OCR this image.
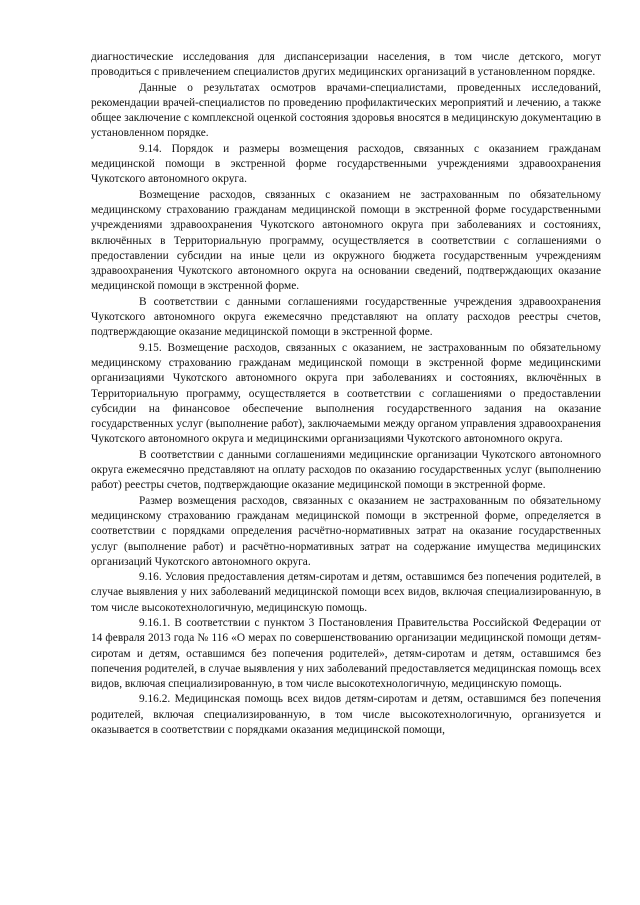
диагностические исследования для диспансеризации населения, в том числе детского, могут проводиться с привлечением специалистов других медицинских организаций в установленном порядке.

Данные о результатах осмотров врачами-специалистами, проведенных исследований, рекомендации врачей-специалистов по проведению профилактических мероприятий и лечению, а также общее заключение с комплексной оценкой состояния здоровья вносятся в медицинскую документацию в установленном порядке.

9.14. Порядок и размеры возмещения расходов, связанных с оказанием гражданам медицинской помощи в экстренной форме государственными учреждениями здравоохранения Чукотского автономного округа.

Возмещение расходов, связанных с оказанием не застрахованным по обязательному медицинскому страхованию гражданам медицинской помощи в экстренной форме государственными учреждениями здравоохранения Чукотского автономного округа при заболеваниях и состояниях, включённых в Территориальную программу, осуществляется в соответствии с соглашениями о предоставлении субсидии на иные цели из окружного бюджета государственным учреждениям здравоохранения Чукотского автономного округа на основании сведений, подтверждающих оказание медицинской помощи в экстренной форме.

В соответствии с данными соглашениями государственные учреждения здравоохранения Чукотского автономного округа ежемесячно представляют на оплату расходов реестры счетов, подтверждающие оказание медицинской помощи в экстренной форме.

9.15. Возмещение расходов, связанных с оказанием, не застрахованным по обязательному медицинскому страхованию гражданам медицинской помощи в экстренной форме медицинскими организациями Чукотского автономного округа при заболеваниях и состояниях, включённых в Территориальную программу, осуществляется в соответствии с соглашениями о предоставлении субсидии на финансовое обеспечение выполнения государственного задания на оказание государственных услуг (выполнение работ), заключаемыми между органом управления здравоохранения Чукотского автономного округа и медицинскими организациями Чукотского автономного округа.

В соответствии с данными соглашениями медицинские организации Чукотского автономного округа ежемесячно представляют на оплату расходов по оказанию государственных услуг (выполнению работ) реестры счетов, подтверждающие оказание медицинской помощи в экстренной форме.

Размер возмещения расходов, связанных с оказанием не застрахованным по обязательному медицинскому страхованию гражданам медицинской помощи в экстренной форме, определяется в соответствии с порядками определения расчётно-нормативных затрат на оказание государственных услуг (выполнение работ) и расчётно-нормативных затрат на содержание имущества медицинских организаций Чукотского автономного округа.

9.16. Условия предоставления детям-сиротам и детям, оставшимся без попечения родителей, в случае выявления у них заболеваний медицинской помощи всех видов, включая специализированную, в том числе высокотехнологичную, медицинскую помощь.

9.16.1. В соответствии с пунктом 3 Постановления Правительства Российской Федерации от 14 февраля 2013 года № 116 «О мерах по совершенствованию организации медицинской помощи детям-сиротам и детям, оставшимся без попечения родителей», детям-сиротам и детям, оставшимся без попечения родителей, в случае выявления у них заболеваний предоставляется медицинская помощь всех видов, включая специализированную, в том числе высокотехнологичную, медицинскую помощь.

9.16.2. Медицинская помощь всех видов детям-сиротам и детям, оставшимся без попечения родителей, включая специализированную, в том числе высокотехнологичную, организуется и оказывается в соответствии с порядками оказания медицинской помощи,
